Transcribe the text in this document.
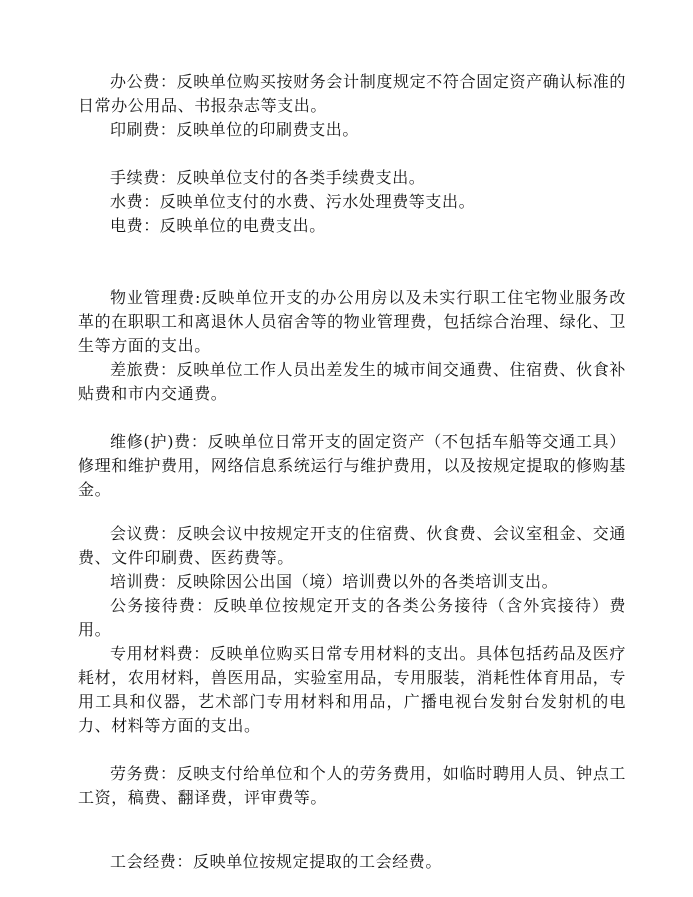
办公费：反映单位购买按财务会计制度规定不符合固定资产确认标准的日常办公用品、书报杂志等支出。

印刷费：反映单位的印刷费支出。

手续费：反映单位支付的各类手续费支出。

水费：反映单位支付的水费、污水处理费等支出。

电费：反映单位的电费支出。

物业管理费:反映单位开支的办公用房以及未实行职工住宅物业服务改革的在职职工和离退休人员宿舍等的物业管理费，包括综合治理、绿化、卫生等方面的支出。

差旅费：反映单位工作人员出差发生的城市间交通费、住宿费、伙食补贴费和市内交通费。

维修(护)费：反映单位日常开支的固定资产（不包括车船等交通工具）修理和维护费用，网络信息系统运行与维护费用，以及按规定提取的修购基金。

会议费：反映会议中按规定开支的住宿费、伙食费、会议室租金、交通费、文件印刷费、医药费等。

培训费：反映除因公出国（境）培训费以外的各类培训支出。

公务接待费：反映单位按规定开支的各类公务接待（含外宾接待）费用。

专用材料费：反映单位购买日常专用材料的支出。具体包括药品及医疗耗材，农用材料，兽医用品，实验室用品，专用服装，消耗性体育用品，专用工具和仪器，艺术部门专用材料和用品，广播电视台发射台发射机的电力、材料等方面的支出。

劳务费：反映支付给单位和个人的劳务费用，如临时聘用人员、钟点工工资，稿费、翻译费，评审费等。

工会经费：反映单位按规定提取的工会经费。
